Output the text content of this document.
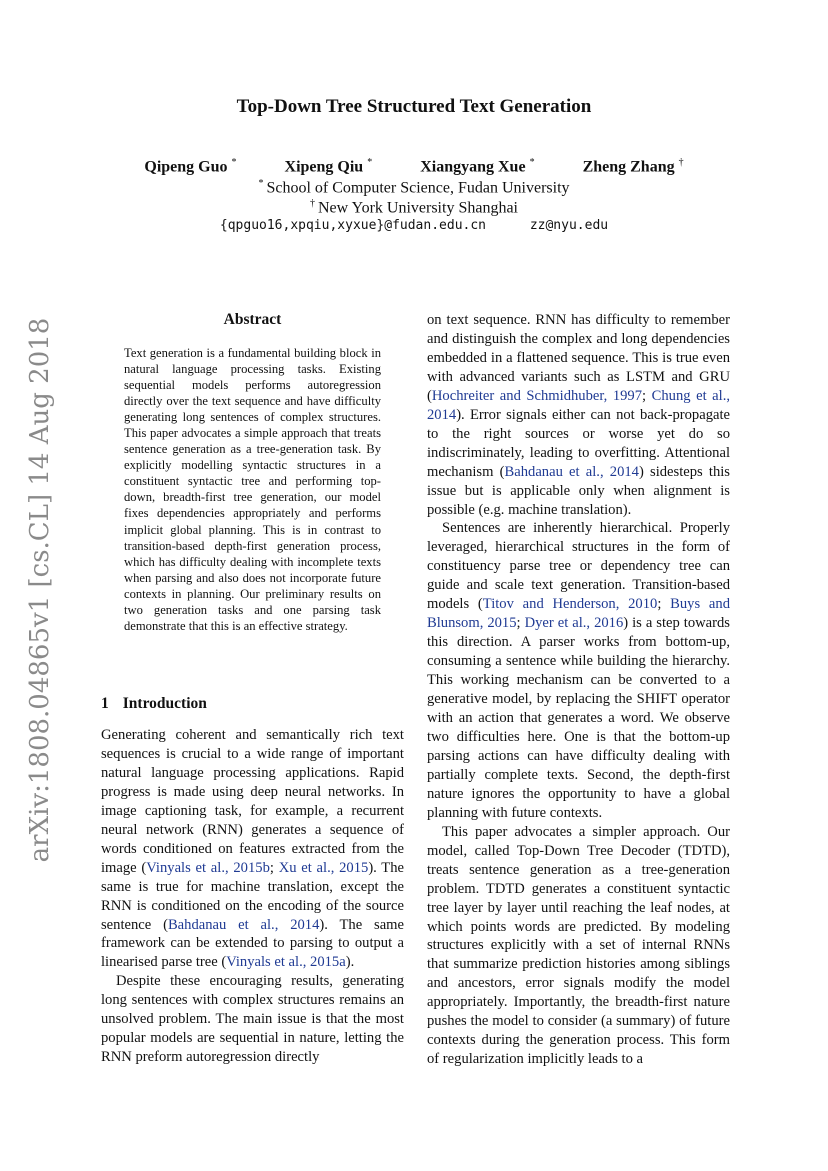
arXiv:1808.04865v1 [cs.CL] 14 Aug 2018
Top-Down Tree Structured Text Generation
Qipeng Guo *	Xipeng Qiu *	Xiangyang Xue *	Zheng Zhang †
* School of Computer Science, Fudan University
† New York University Shanghai
{qpguo16,xpqiu,xyxue}@fudan.edu.cn	zz@nyu.edu
Abstract
Text generation is a fundamental building block in natural language processing tasks. Existing sequential models performs autoregression directly over the text sequence and have difficulty generating long sentences of complex structures. This paper advocates a simple approach that treats sentence generation as a tree-generation task. By explicitly modelling syntactic structures in a constituent syntactic tree and performing top-down, breadth-first tree generation, our model fixes dependencies appropriately and performs implicit global planning. This is in contrast to transition-based depth-first generation process, which has difficulty dealing with incomplete texts when parsing and also does not incorporate future contexts in planning. Our preliminary results on two generation tasks and one parsing task demonstrate that this is an effective strategy.
1 Introduction

Generating coherent and semantically rich text sequences is crucial to a wide range of important natural language processing applications. Rapid progress is made using deep neural networks. In image captioning task, for example, a recurrent neural network (RNN) generates a sequence of words conditioned on features extracted from the image (Vinyals et al., 2015b; Xu et al., 2015). The same is true for machine translation, except the RNN is conditioned on the encoding of the source sentence (Bahdanau et al., 2014). The same framework can be extended to parsing to output a linearised parse tree (Vinyals et al., 2015a).

Despite these encouraging results, generating long sentences with complex structures remains an unsolved problem. The main issue is that the most popular models are sequential in nature, letting the RNN preform autoregression directly

on text sequence. RNN has difficulty to remember and distinguish the complex and long dependencies embedded in a flattened sequence. This is true even with advanced variants such as LSTM and GRU (Hochreiter and Schmidhuber, 1997; Chung et al., 2014). Error signals either can not back-propagate to the right sources or worse yet do so indiscriminately, leading to overfitting. Attentional mechanism (Bahdanau et al., 2014) sidesteps this issue but is applicable only when alignment is possible (e.g. machine translation).

Sentences are inherently hierarchical. Properly leveraged, hierarchical structures in the form of constituency parse tree or dependency tree can guide and scale text generation. Transition-based models (Titov and Henderson, 2010; Buys and Blunsom, 2015; Dyer et al., 2016) is a step towards this direction. A parser works from bottom-up, consuming a sentence while building the hierarchy. This working mechanism can be converted to a generative model, by replacing the SHIFT operator with an action that generates a word. We observe two difficulties here. One is that the bottom-up parsing actions can have difficulty dealing with partially complete texts. Second, the depth-first nature ignores the opportunity to have a global planning with future contexts.

This paper advocates a simpler approach. Our model, called Top-Down Tree Decoder (TDTD), treats sentence generation as a tree-generation problem. TDTD generates a constituent syntactic tree layer by layer until reaching the leaf nodes, at which points words are predicted. By modeling structures explicitly with a set of internal RNNs that summarize prediction histories among siblings and ancestors, error signals modify the model appropriately. Importantly, the breadth-first nature pushes the model to consider (a summary) of future contexts during the generation process. This form of regularization implicitly leads to a
